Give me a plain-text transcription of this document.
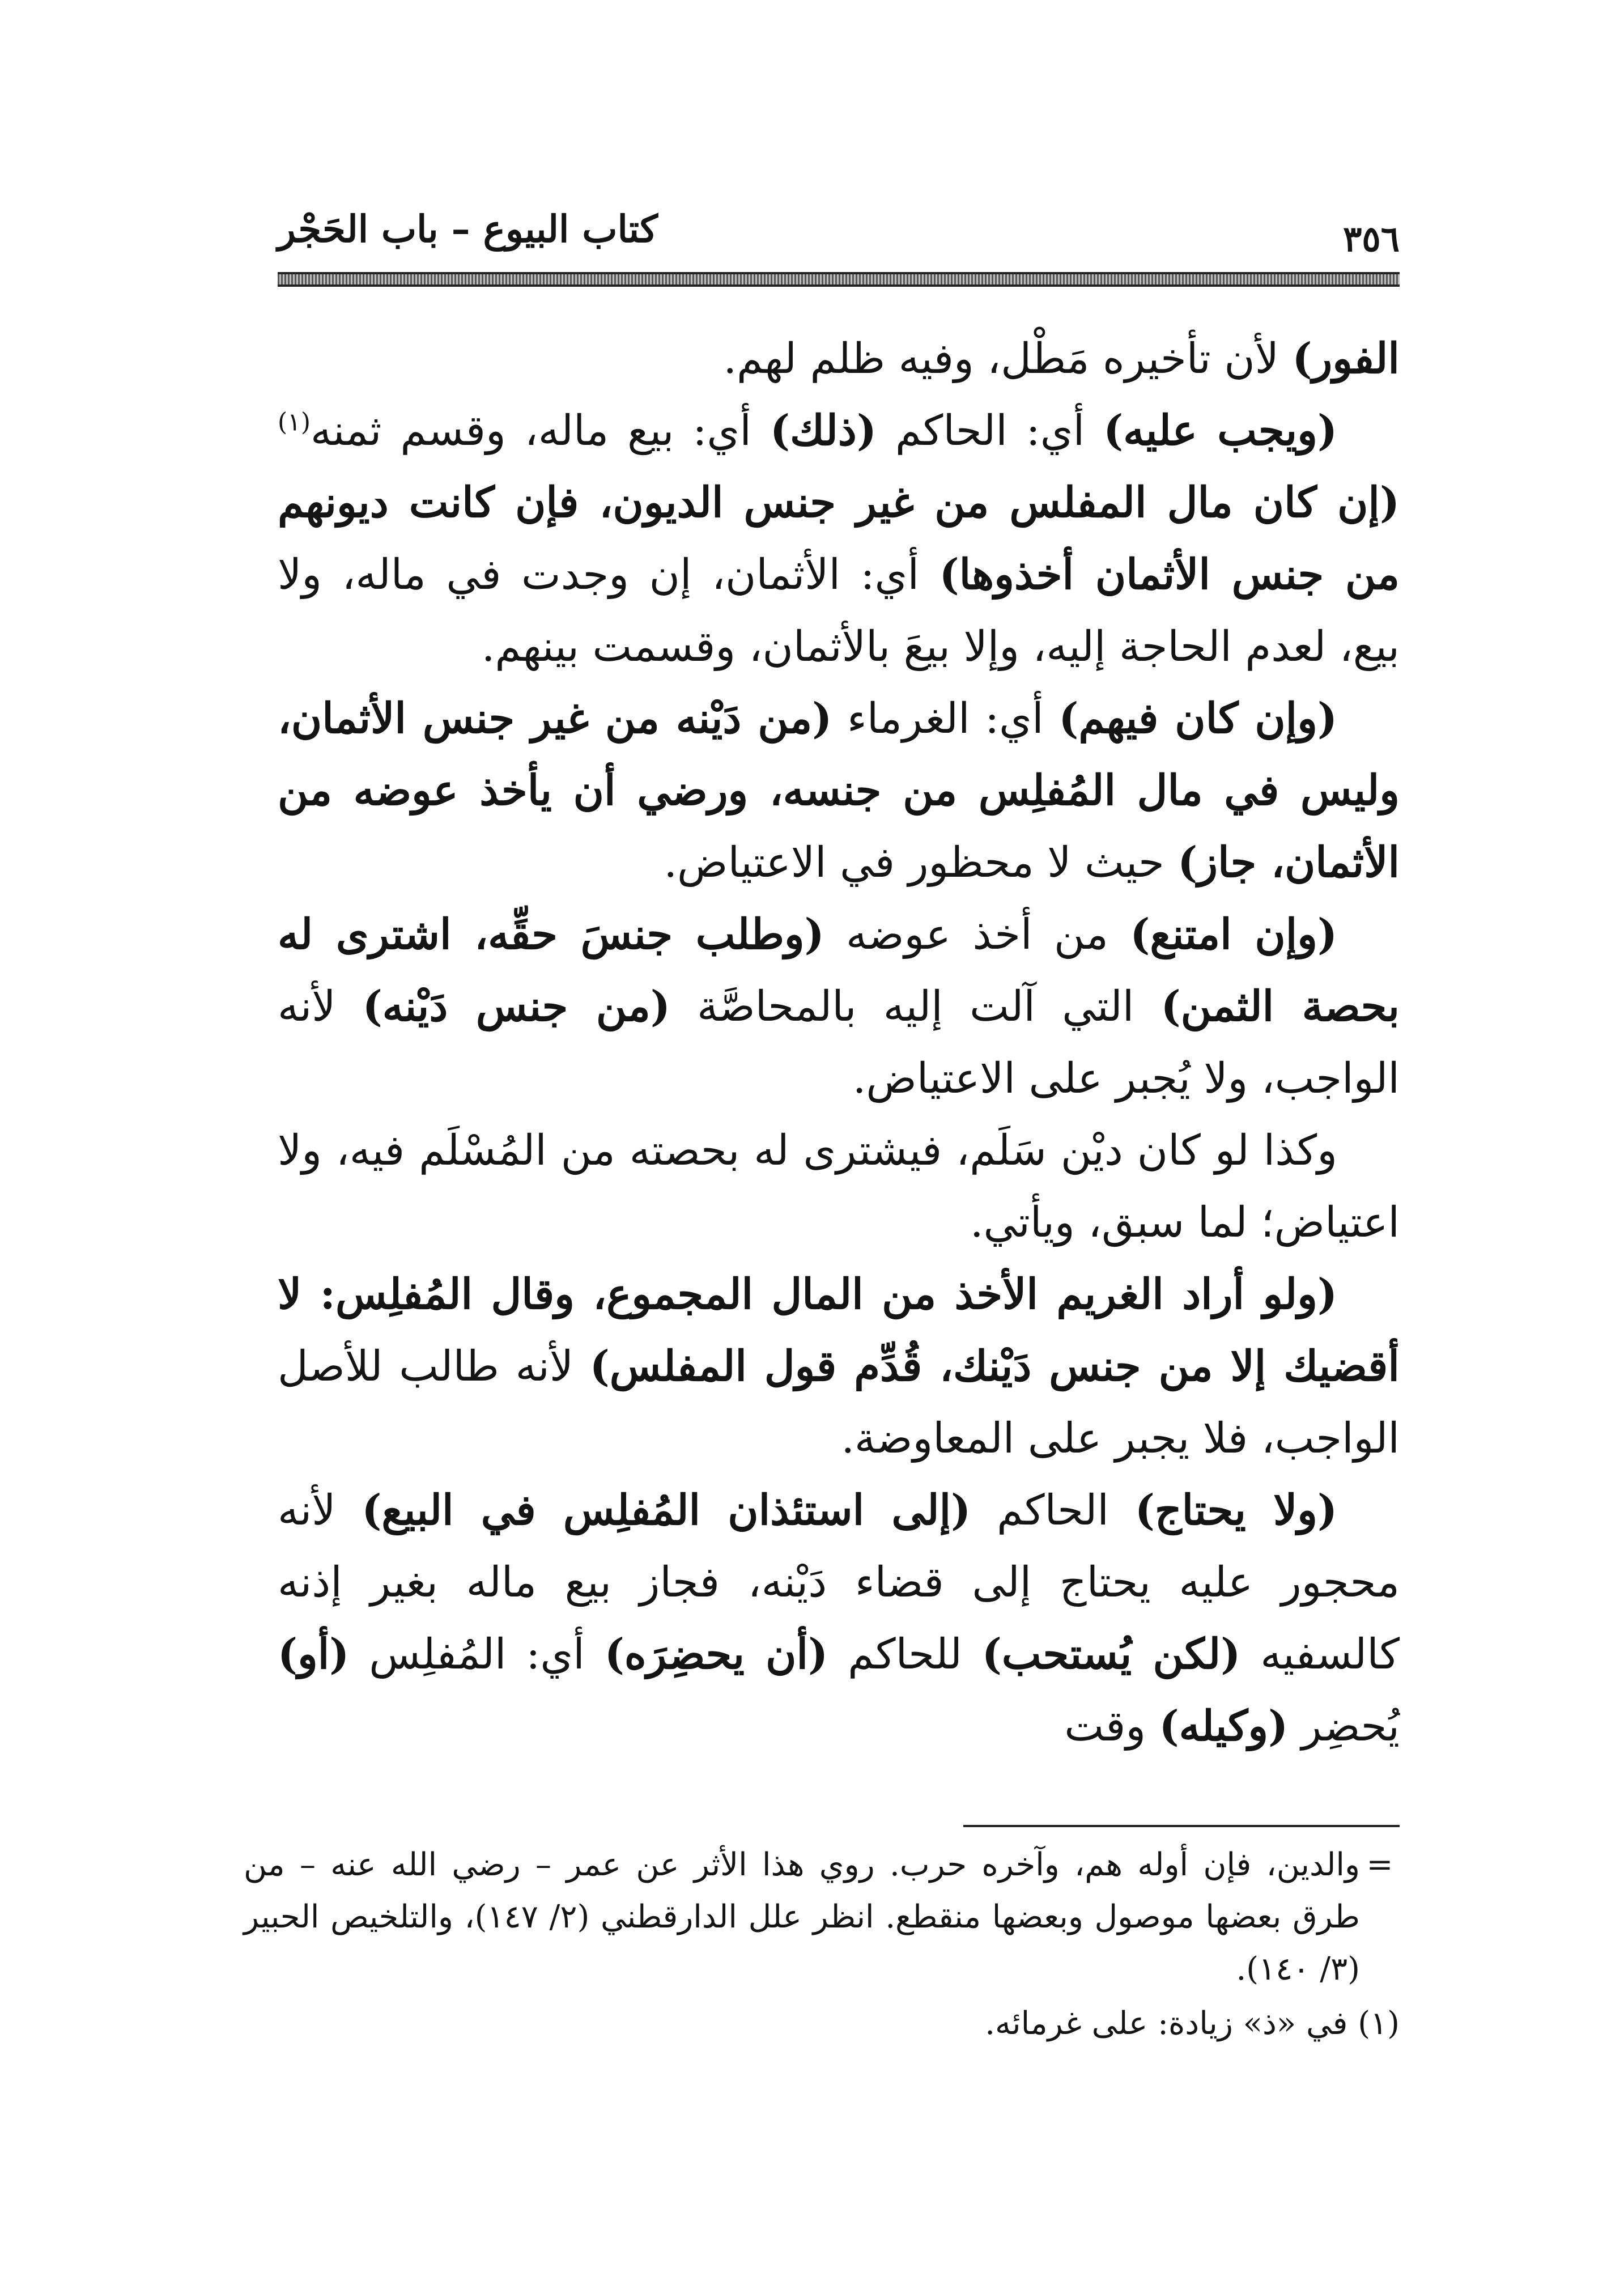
٣٥٦
كتاب البيوع – باب الحَجْر

الفور) لأن تأخيره مَطْل، وفيه ظلم لهم.

(ويجب عليه) أي: الحاكم (ذلك) أي: بيع ماله، وقسم ثمنه$^{(١)}$ (إن كان مال المفلس من غير جنس الديون، فإن كانت ديونهم من جنس الأثمان أخذوها) أي: الأثمان، إن وجدت في ماله، ولا بيع، لعدم الحاجة إليه، وإلا بيعَ بالأثمان، وقسمت بينهم.

(وإن كان فيهم) أي: الغرماء (من دَيْنه من غير جنس الأثمان، وليس في مال المُفلِس من جنسه، ورضي أن يأخذ عوضه من الأثمان، جاز) حيث لا محظور في الاعتياض.

(وإن امتنع) من أخذ عوضه (وطلب جنسَ حقِّه، اشترى له بحصة الثمن) التي آلت إليه بالمحاصَّة (من جنس دَيْنه) لأنه الواجب، ولا يُجبر على الاعتياض.

وكذا لو كان ديْن سَلَم، فيشترى له بحصته من المُسْلَم فيه، ولا اعتياض؛ لما سبق، ويأتي.

(ولو أراد الغريم الأخذ من المال المجموع، وقال المُفلِس: لا أقضيك إلا من جنس دَيْنك، قُدِّم قول المفلس) لأنه طالب للأصل الواجب، فلا يجبر على المعاوضة.

(ولا يحتاج) الحاكم (إلى استئذان المُفلِس في البيع) لأنه محجور عليه يحتاج إلى قضاء دَيْنه، فجاز بيع ماله بغير إذنه كالسفيه (لكن يُستحب) للحاكم (أن يحضِرَه) أي: المُفلِس (أو) يُحضِر (وكيله) وقت

=
والدين، فإن أوله هم، وآخره حرب. روي هذا الأثر عن عمر – رضي الله عنه – من طرق بعضها موصول وبعضها منقطع. انظر علل الدارقطني (٢/ ١٤٧)، والتلخيص الحبير (٣/ ١٤٠).

(١) في «ذ» زيادة: على غرمائه.
